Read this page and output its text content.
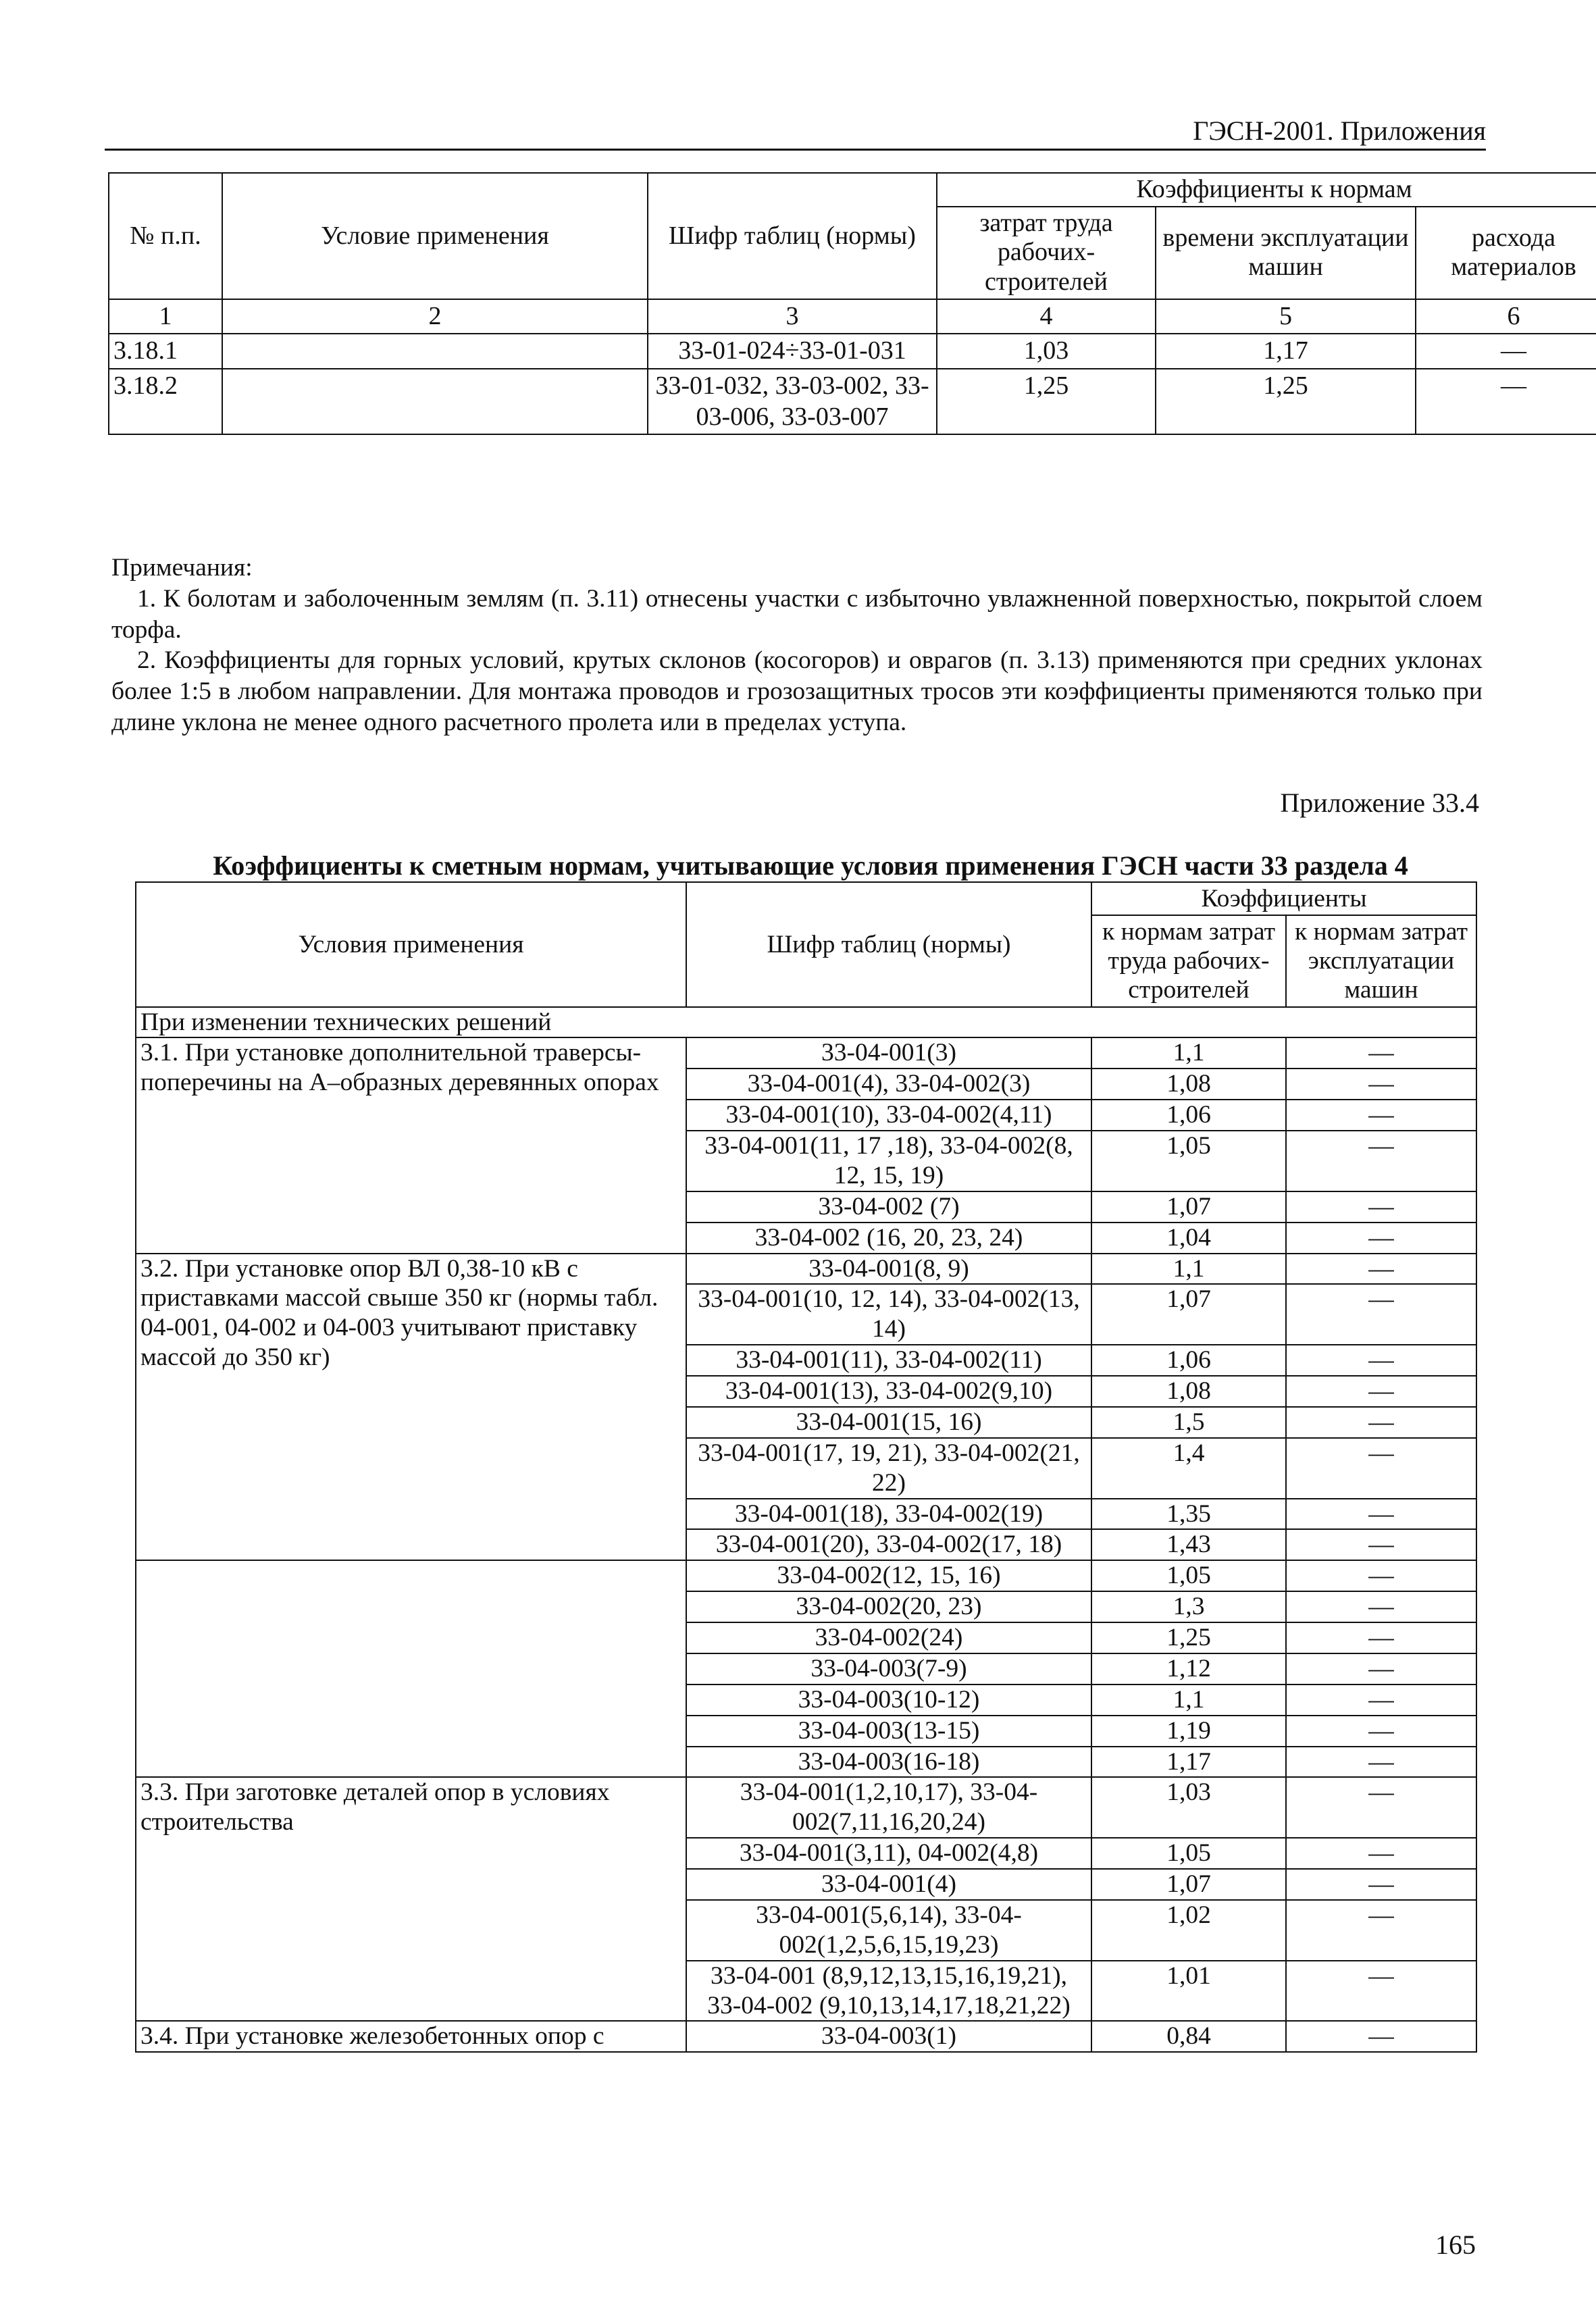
ГЭСН-2001. Приложения
№ п.п.	Условие применения	Шифр таблиц (нормы)	Коэффициенты к нормам		
			затрат труда рабочих-строителей	времени эксплуатации машин	расхода материалов
1	2	3	4	5	6
3.18.1		33-01-024÷33-01-031	1,03	1,17	—
3.18.2		33-01-032, 33-03-002, 33-03-006, 33-03-007	1,25	1,25	—

Примечания:

1. К болотам и заболоченным землям (п. 3.11) отнесены участки с избыточно увлажненной поверхностью, покрытой слоем торфа.

2. Коэффициенты для горных условий, крутых склонов (косогоров) и оврагов (п. 3.13) применяются при средних уклонах более 1:5 в любом направлении. Для монтажа проводов и грозозащитных тросов эти коэффициенты применяются только при длине уклона не менее одного расчетного пролета или в пределах уступа.

Приложение 33.4
Коэффициенты к сметным нормам, учитывающие условия применения ГЭСН части 33 раздела 4
Условия применения	Шифр таблиц (нормы)	Коэффициенты	
		к нормам затрат труда рабочих-строителей	к нормам затрат эксплуатации машин
При изменении технических решений			
3.1. При установке дополнительной траверсы-поперечины на А–образных деревянных опорах	33-04-001(3)	1,1	—
	33-04-001(4), 33-04-002(3)	1,08	—
	33-04-001(10), 33-04-002(4,11)	1,06	—
	33-04-001(11, 17 ,18), 33-04-002(8, 12, 15, 19)	1,05	—
	33-04-002 (7)	1,07	—
	33-04-002 (16, 20, 23, 24)	1,04	—
3.2. При установке опор ВЛ 0,38-10 кВ с приставками массой свыше 350 кг (нормы табл. 04-001, 04-002 и 04-003 учитывают приставку массой до 350 кг)	33-04-001(8, 9)	1,1	—
	33-04-001(10, 12, 14), 33-04-002(13, 14)	1,07	—
	33-04-001(11), 33-04-002(11)	1,06	—
	33-04-001(13), 33-04-002(9,10)	1,08	—
	33-04-001(15, 16)	1,5	—
	33-04-001(17, 19, 21), 33-04-002(21, 22)	1,4	—
	33-04-001(18), 33-04-002(19)	1,35	—
	33-04-001(20), 33-04-002(17, 18)	1,43	—
	33-04-002(12, 15, 16)	1,05	—
	33-04-002(20, 23)	1,3	—
	33-04-002(24)	1,25	—
	33-04-003(7-9)	1,12	—
	33-04-003(10-12)	1,1	—
	33-04-003(13-15)	1,19	—
	33-04-003(16-18)	1,17	—
3.3. При заготовке деталей опор в условиях строительства	33-04-001(1,2,10,17), 33-04-002(7,11,16,20,24)	1,03	—
	33-04-001(3,11), 04-002(4,8)	1,05	—
	33-04-001(4)	1,07	—
	33-04-001(5,6,14), 33-04-002(1,2,5,6,15,19,23)	1,02	—
	33-04-001 (8,9,12,13,15,16,19,21), 33-04-002 (9,10,13,14,17,18,21,22)	1,01	—
3.4. При установке железобетонных опор с	33-04-003(1)	0,84	—
165
